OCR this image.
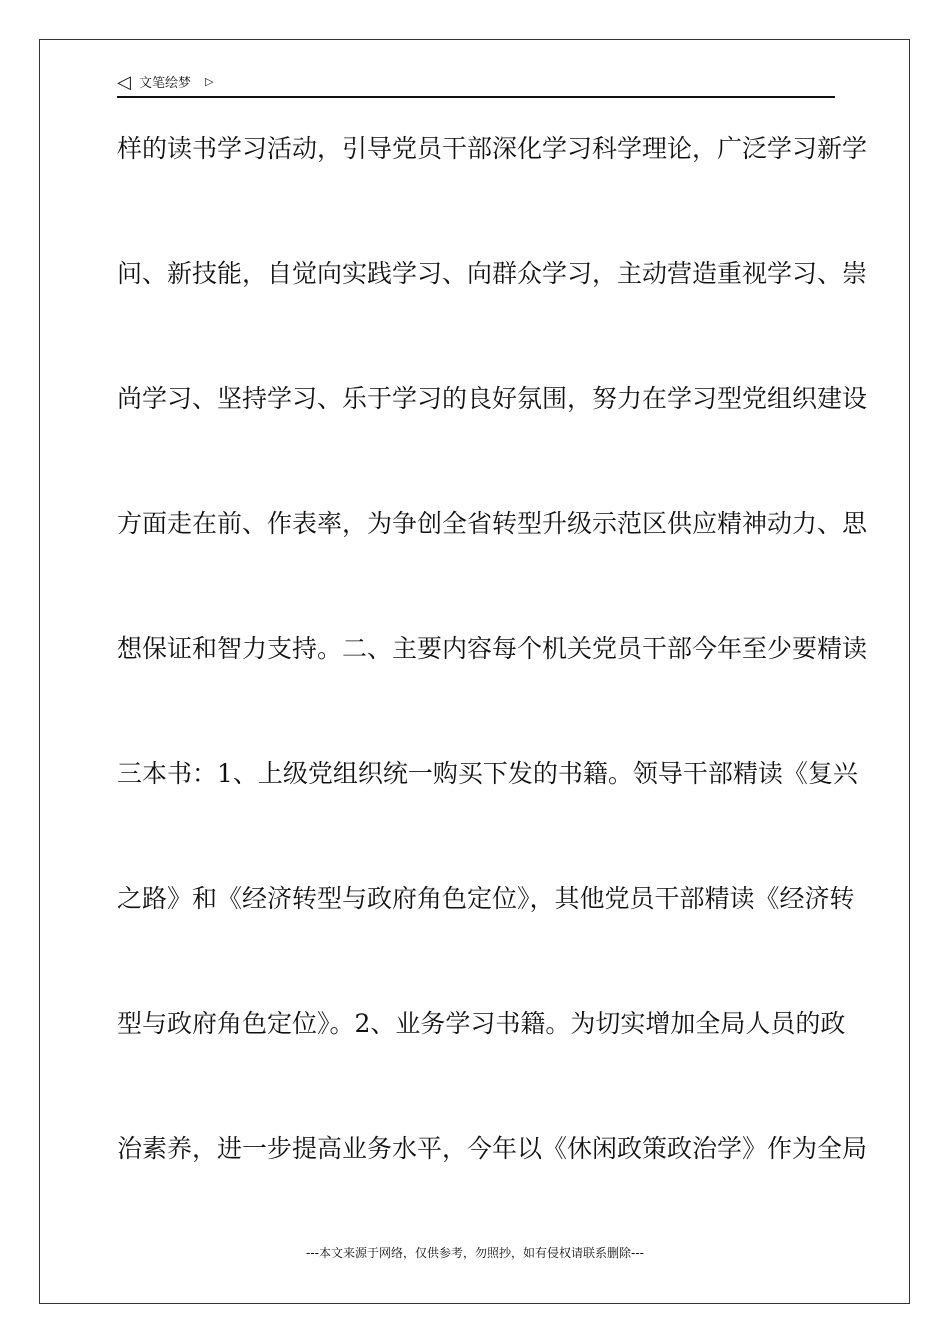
◁ 文笔绘梦 ▷
样的读书学习活动，引导党员干部深化学习科学理论，广泛学习新学
问、新技能，自觉向实践学习、向群众学习，主动营造重视学习、崇
尚学习、坚持学习、乐于学习的良好氛围，努力在学习型党组织建设
方面走在前、作表率，为争创全省转型升级示范区供应精神动力、思
想保证和智力支持。二、主要内容每个机关党员干部今年至少要精读
三本书：1、上级党组织统一购买下发的书籍。领导干部精读《复兴
之路》和《经济转型与政府角色定位》，其他党员干部精读《经济转
型与政府角色定位》。2、业务学习书籍。为切实增加全局人员的政
治素养，进一步提高业务水平，今年以《休闲政策政治学》作为全局
---本文来源于网络，仅供参考，勿照抄，如有侵权请联系删除---
